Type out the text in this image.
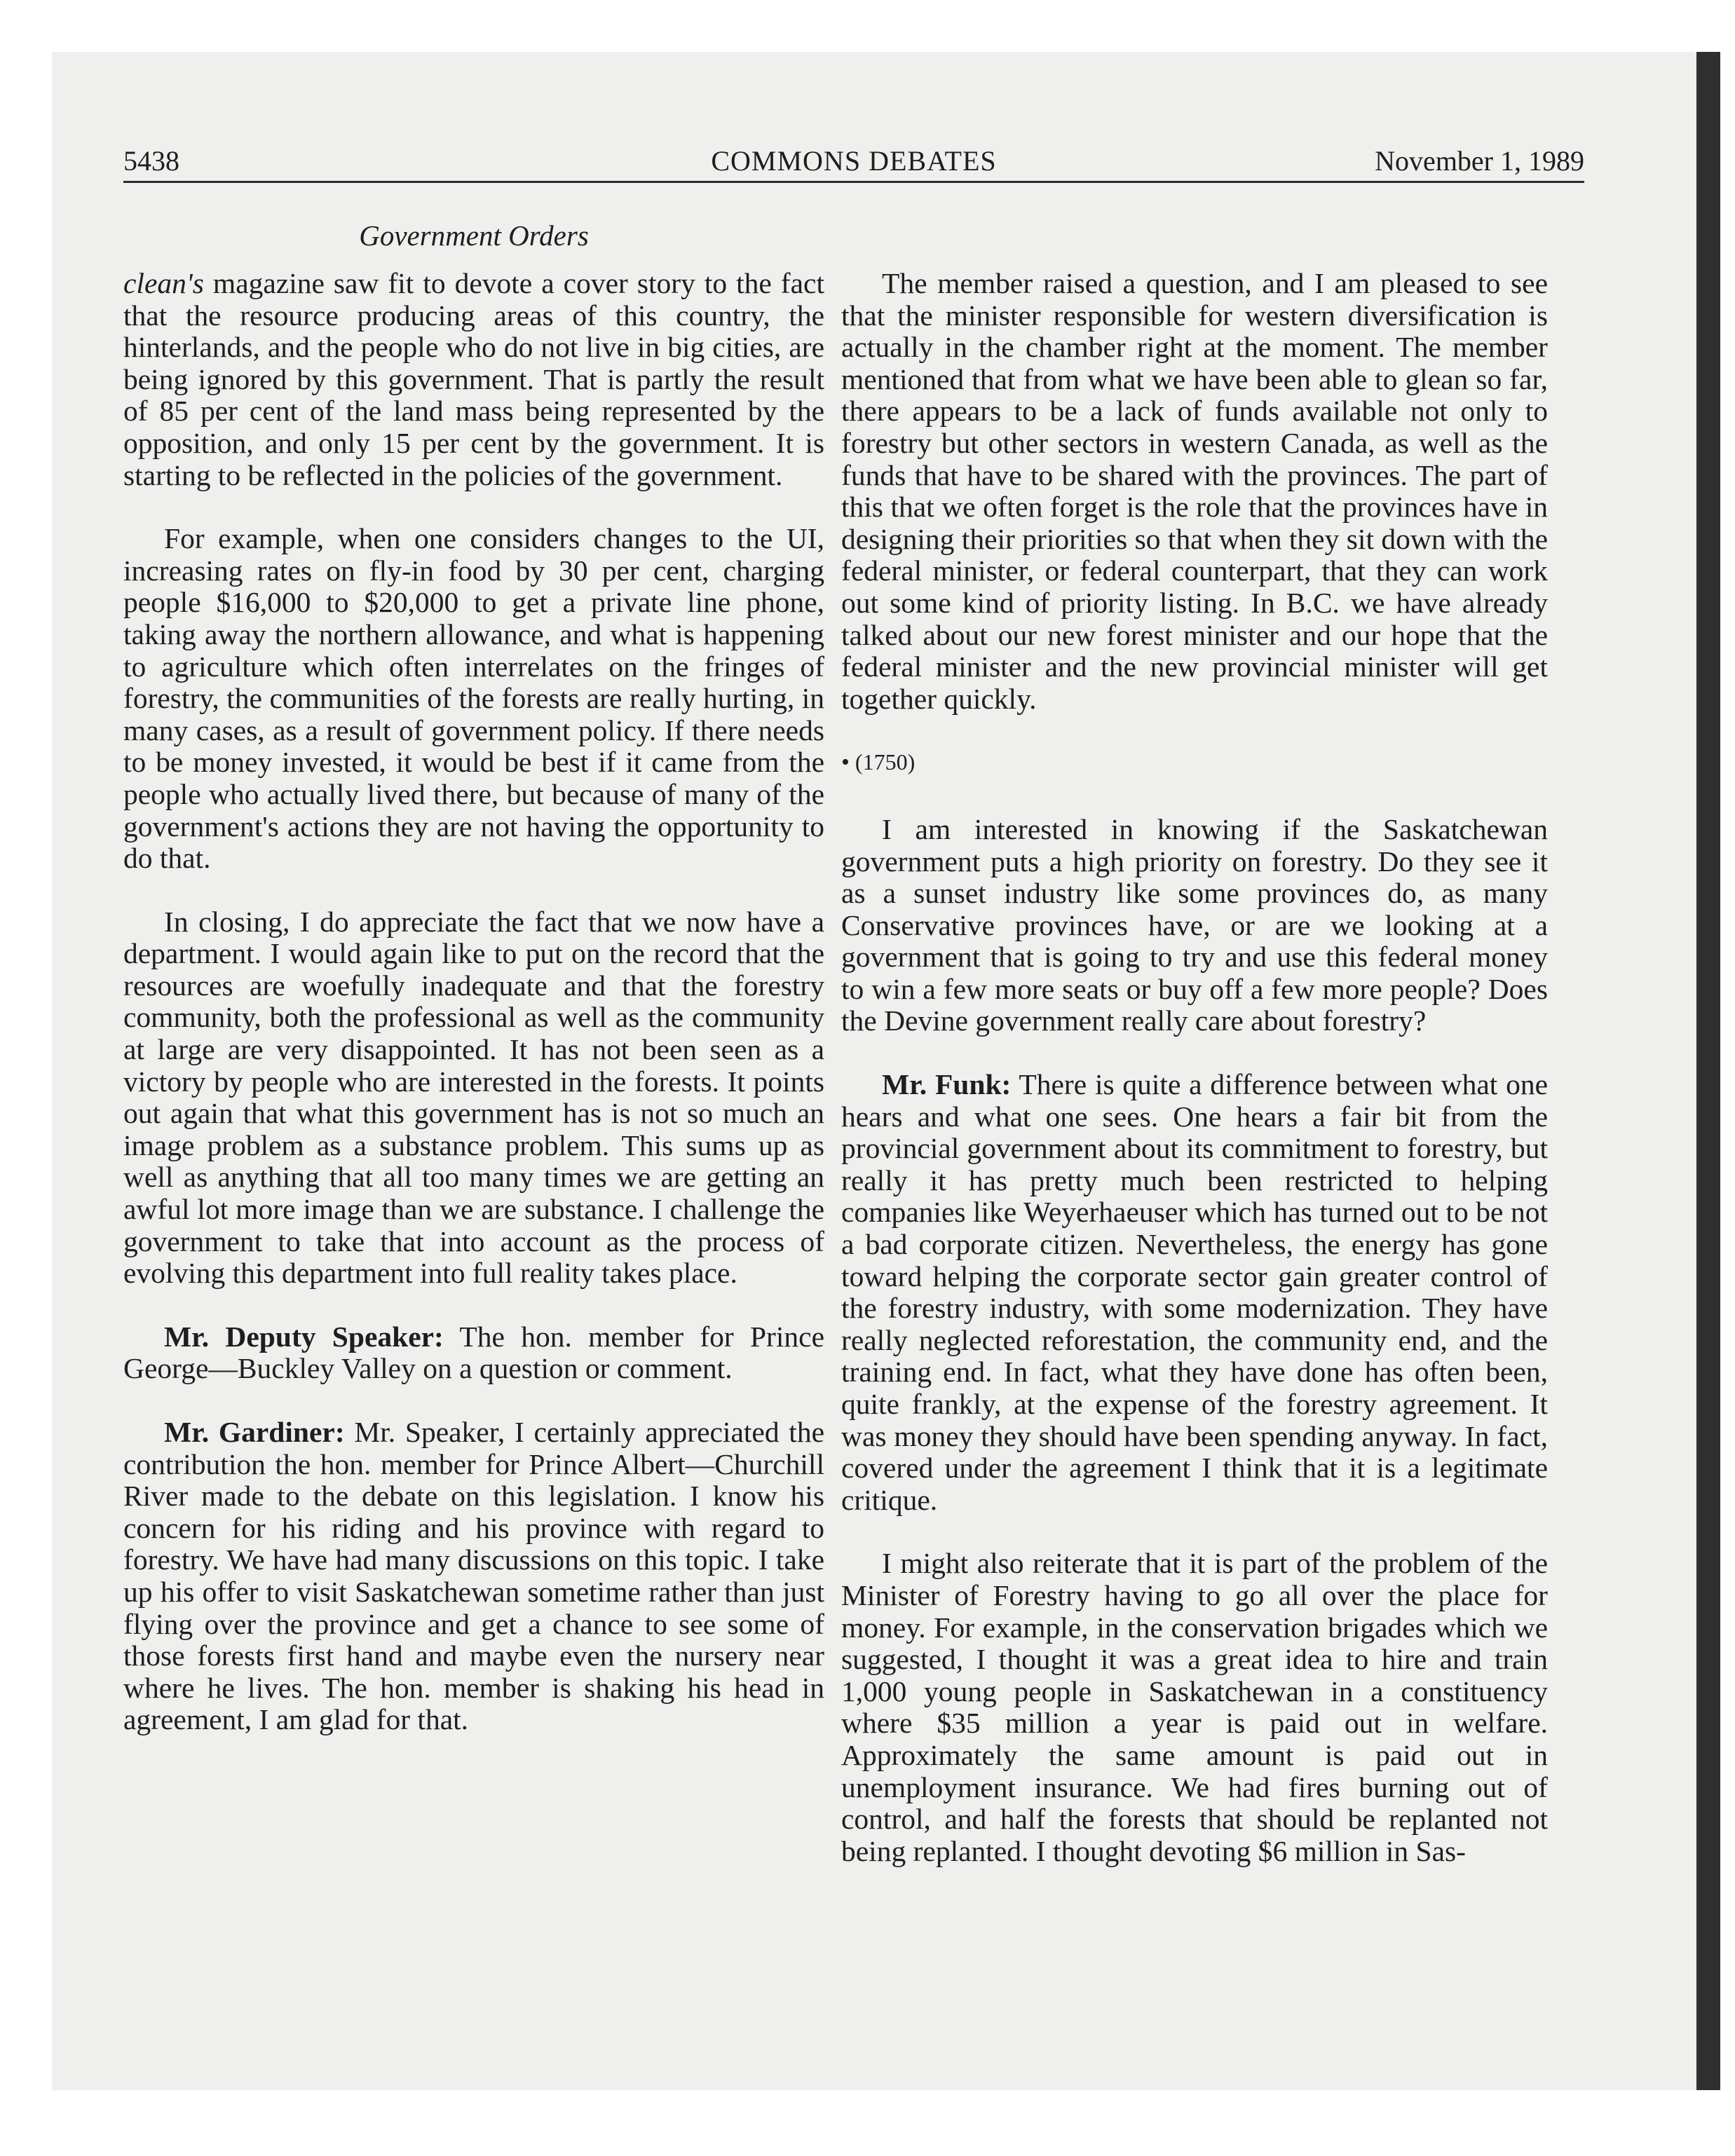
5438	COMMONS DEBATES	November 1, 1989
Government Orders

clean's magazine saw fit to devote a cover story to the fact that the resource producing areas of this country, the hinterlands, and the people who do not live in big cities, are being ignored by this government. That is partly the result of 85 per cent of the land mass being represented by the opposition, and only 15 per cent by the government. It is starting to be reflected in the policies of the government.

For example, when one considers changes to the UI, increasing rates on fly-in food by 30 per cent, charging people $16,000 to $20,000 to get a private line phone, taking away the northern allowance, and what is happening to agriculture which often interrelates on the fringes of forestry, the communities of the forests are really hurting, in many cases, as a result of government policy. If there needs to be money invested, it would be best if it came from the people who actually lived there, but because of many of the government's actions they are not having the opportunity to do that.

In closing, I do appreciate the fact that we now have a department. I would again like to put on the record that the resources are woefully inadequate and that the forestry community, both the professional as well as the community at large are very disappointed. It has not been seen as a victory by people who are interested in the forests. It points out again that what this government has is not so much an image problem as a substance problem. This sums up as well as anything that all too many times we are getting an awful lot more image than we are substance. I challenge the government to take that into account as the process of evolving this department into full reality takes place.

Mr. Deputy Speaker: The hon. member for Prince George—Buckley Valley on a question or comment.

Mr. Gardiner: Mr. Speaker, I certainly appreciated the contribution the hon. member for Prince Albert—Churchill River made to the debate on this legislation. I know his concern for his riding and his province with regard to forestry. We have had many discussions on this topic. I take up his offer to visit Saskatchewan sometime rather than just flying over the province and get a chance to see some of those forests first hand and maybe even the nursery near where he lives. The hon. member is shaking his head in agreement, I am glad for that.

The member raised a question, and I am pleased to see that the minister responsible for western diversification is actually in the chamber right at the moment. The member mentioned that from what we have been able to glean so far, there appears to be a lack of funds available not only to forestry but other sectors in western Canada, as well as the funds that have to be shared with the provinces. The part of this that we often forget is the role that the provinces have in designing their priorities so that when they sit down with the federal minister, or federal counterpart, that they can work out some kind of priority listing. In B.C. we have already talked about our new forest minister and our hope that the federal minister and the new provincial minister will get together quickly.

• (1750)

I am interested in knowing if the Saskatchewan government puts a high priority on forestry. Do they see it as a sunset industry like some provinces do, as many Conservative provinces have, or are we looking at a government that is going to try and use this federal money to win a few more seats or buy off a few more people? Does the Devine government really care about forestry?

Mr. Funk: There is quite a difference between what one hears and what one sees. One hears a fair bit from the provincial government about its commitment to forestry, but really it has pretty much been restricted to helping companies like Weyerhaeuser which has turned out to be not a bad corporate citizen. Nevertheless, the energy has gone toward helping the corporate sector gain greater control of the forestry industry, with some modernization. They have really neglected reforestation, the community end, and the training end. In fact, what they have done has often been, quite frankly, at the expense of the forestry agreement. It was money they should have been spending anyway. In fact, covered under the agreement I think that it is a legitimate critique.

I might also reiterate that it is part of the problem of the Minister of Forestry having to go all over the place for money. For example, in the conservation brigades which we suggested, I thought it was a great idea to hire and train 1,000 young people in Saskatchewan in a constituency where $35 million a year is paid out in welfare. Approximately the same amount is paid out in unemployment insurance. We had fires burning out of control, and half the forests that should be replanted not being replanted. I thought devoting $6 million in Sas-
